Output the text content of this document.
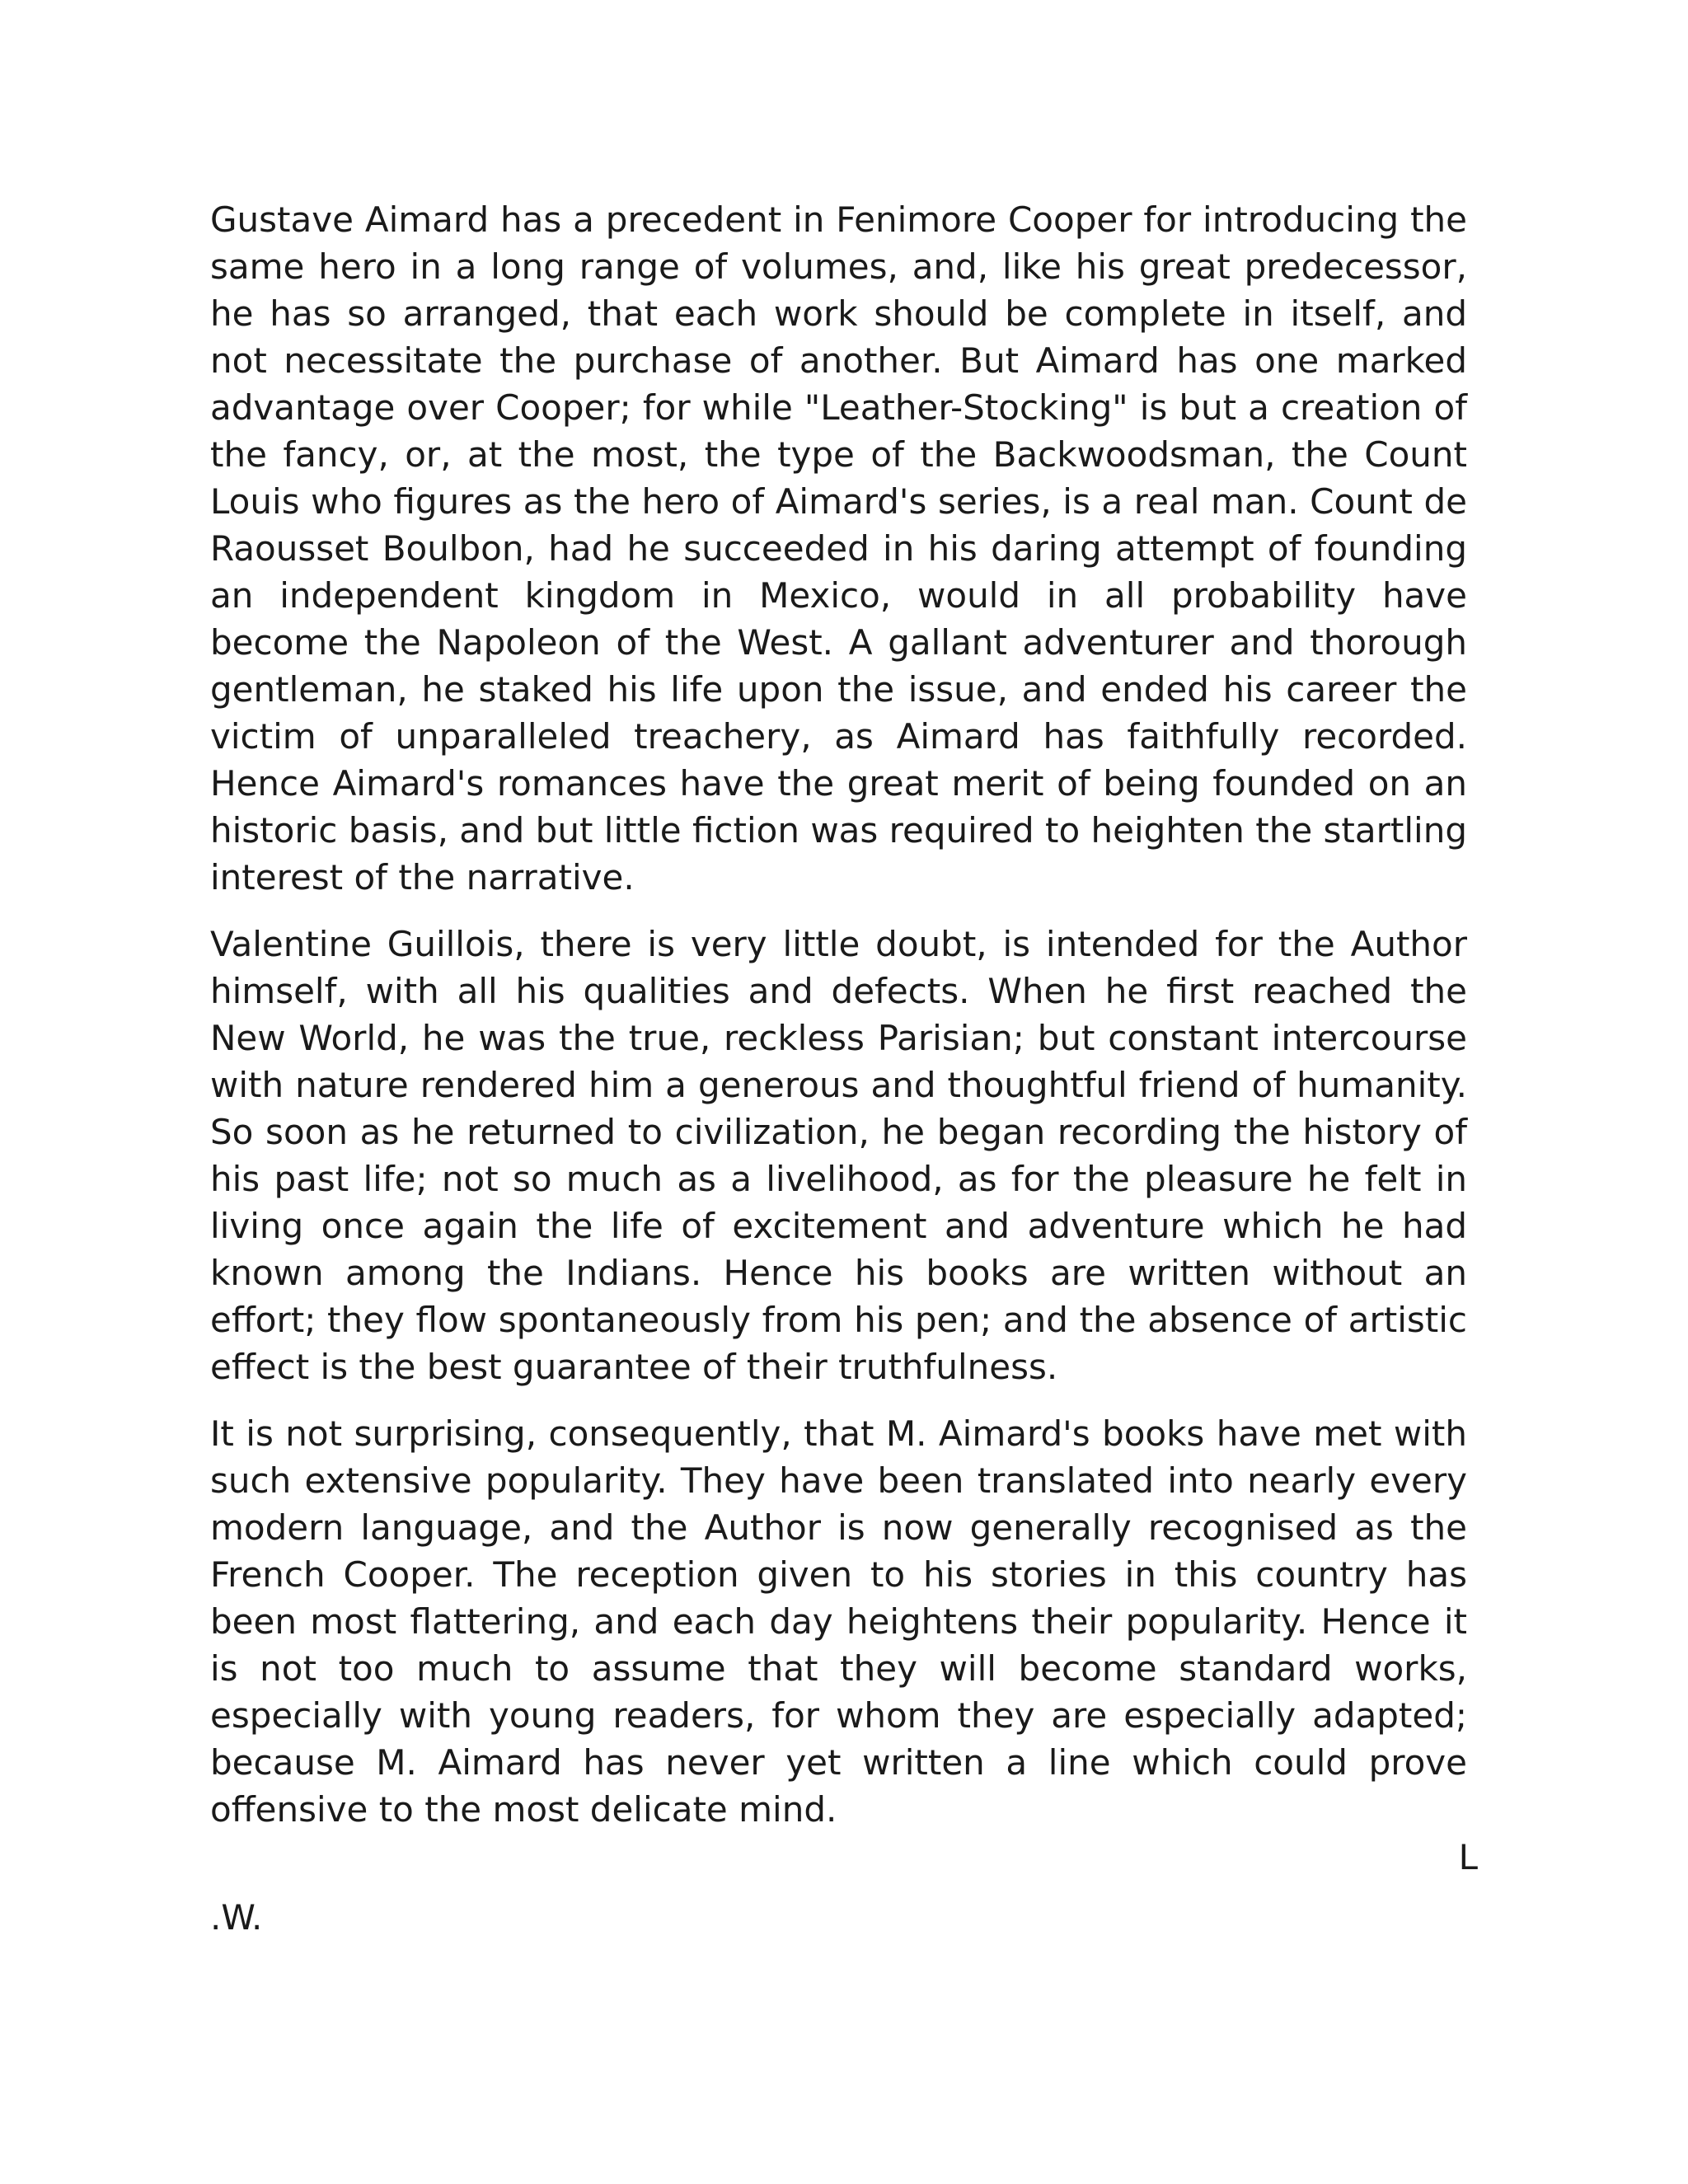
Gustave Aimard has a precedent in Fenimore Cooper for introducing the same hero in a long range of volumes, and, like his great predecessor, he has so arranged, that each work should be complete in itself, and not necessitate the purchase of another. But Aimard has one marked advantage over Cooper; for while "Leather-Stocking" is but a creation of the fancy, or, at the most, the type of the Backwoodsman, the Count Louis who figures as the hero of Aimard's series, is a real man. Count de Raousset Boulbon, had he succeeded in his daring attempt of founding an independent kingdom in Mexico, would in all probability have become the Napoleon of the West. A gallant adventurer and thorough gentleman, he staked his life upon the issue, and ended his career the victim of unparalleled treachery, as Aimard has faithfully recorded. Hence Aimard's romances have the great merit of being founded on an historic basis, and but little fiction was required to heighten the startling interest of the narrative.

Valentine Guillois, there is very little doubt, is intended for the Author himself, with all his qualities and defects. When he first reached the New World, he was the true, reckless Parisian; but constant intercourse with nature rendered him a generous and thoughtful friend of humanity. So soon as he returned to civilization, he began recording the history of his past life; not so much as a livelihood, as for the pleasure he felt in living once again the life of excitement and adventure which he had known among the Indians. Hence his books are written without an effort; they flow spontaneously from his pen; and the absence of artistic effect is the best guarantee of their truthfulness.

It is not surprising, consequently, that M. Aimard's books have met with such extensive popularity. They have been translated into nearly every modern language, and the Author is now generally recognised as the French Cooper. The reception given to his stories in this country has been most flattering, and each day heightens their popularity. Hence it is not too much to assume that they will become standard works, especially with young readers, for whom they are especially adapted; because M. Aimard has never yet written a line which could prove offensive to the most delicate mind.

L
.W.
